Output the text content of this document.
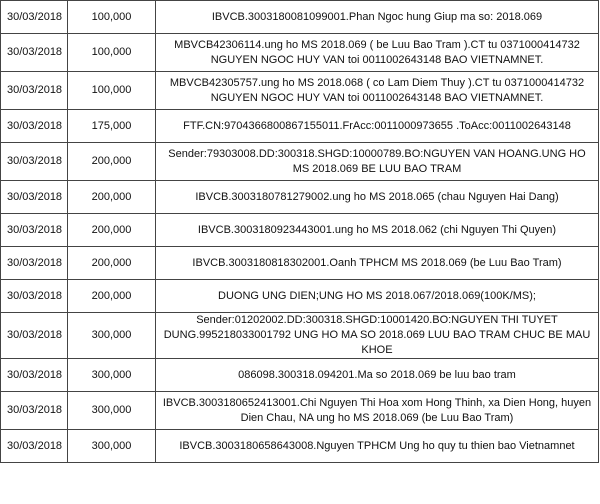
30/03/2018	100,000	IBVCB.3003180081099001.Phan Ngoc hung Giup ma so: 2018.069
30/03/2018	100,000	MBVCB42306114.ung ho MS 2018.069 ( be Luu Bao Tram ).CT tu 0371000414732 NGUYEN NGOC HUY VAN toi 0011002643148 BAO VIETNAMNET.
30/03/2018	100,000	MBVCB42305757.ung ho MS 2018.068 ( co Lam Diem Thuy ).CT tu 0371000414732 NGUYEN NGOC HUY VAN toi 0011002643148 BAO VIETNAMNET.
30/03/2018	175,000	FTF.CN:9704366800867155011.FrAcc:0011000973655 .ToAcc:0011002643148
30/03/2018	200,000	Sender:79303008.DD:300318.SHGD:10000789.BO:NGUYEN VAN HOANG.UNG HO MS 2018.069 BE LUU BAO TRAM
30/03/2018	200,000	IBVCB.3003180781279002.ung ho MS 2018.065 (chau Nguyen Hai Dang)
30/03/2018	200,000	IBVCB.3003180923443001.ung ho MS 2018.062 (chi Nguyen Thi Quyen)
30/03/2018	200,000	IBVCB.3003180818302001.Oanh TPHCM MS 2018.069 (be Luu Bao Tram)
30/03/2018	200,000	DUONG UNG DIEN;UNG HO MS 2018.067/2018.069(100K/MS);
30/03/2018	300,000	Sender:01202002.DD:300318.SHGD:10001420.BO:NGUYEN THI TUYET DUNG.995218033001792 UNG HO MA SO 2018.069 LUU BAO TRAM CHUC BE MAU KHOE
30/03/2018	300,000	086098.300318.094201.Ma so 2018.069 be luu bao tram
30/03/2018	300,000	IBVCB.3003180652413001.Chi Nguyen Thi Hoa xom Hong Thinh, xa Dien Hong, huyen Dien Chau, NA ung ho MS 2018.069 (be Luu Bao Tram)
30/03/2018	300,000	IBVCB.3003180658643008.Nguyen TPHCM Ung ho quy tu thien bao Vietnamnet
